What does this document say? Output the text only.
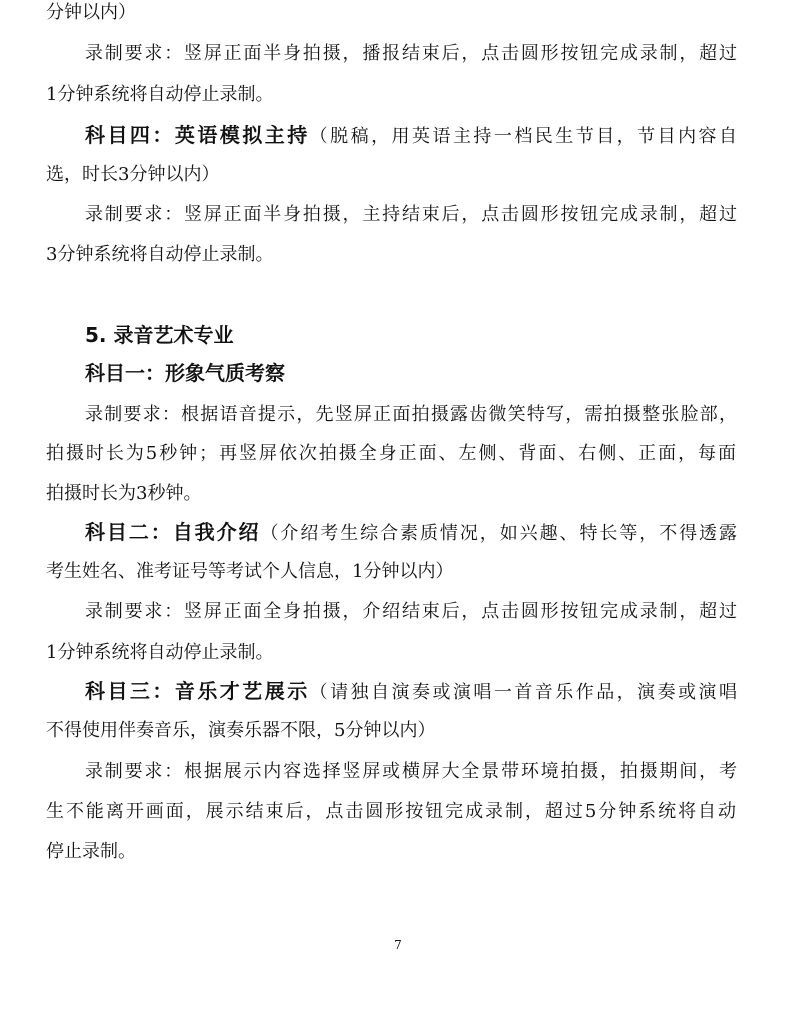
分钟以内）
录制要求：竖屏正面半身拍摄，播报结束后，点击圆形按钮完成录制，超过
1分钟系统将自动停止录制。
科目四：英语模拟主持（脱稿，用英语主持一档民生节目，节目内容自
选，时长3分钟以内）
录制要求：竖屏正面半身拍摄，主持结束后，点击圆形按钮完成录制，超过
3分钟系统将自动停止录制。
5. 录音艺术专业
科目一：形象气质考察
录制要求：根据语音提示，先竖屏正面拍摄露齿微笑特写，需拍摄整张脸部，
拍摄时长为5秒钟；再竖屏依次拍摄全身正面、左侧、背面、右侧、正面，每面
拍摄时长为3秒钟。
科目二：自我介绍（介绍考生综合素质情况，如兴趣、特长等，不得透露
考生姓名、准考证号等考试个人信息，1分钟以内）
录制要求：竖屏正面全身拍摄，介绍结束后，点击圆形按钮完成录制，超过
1分钟系统将自动停止录制。
科目三：音乐才艺展示（请独自演奏或演唱一首音乐作品，演奏或演唱
不得使用伴奏音乐，演奏乐器不限，5分钟以内）
录制要求：根据展示内容选择竖屏或横屏大全景带环境拍摄，拍摄期间，考
生不能离开画面，展示结束后，点击圆形按钮完成录制，超过5分钟系统将自动
停止录制。
7
